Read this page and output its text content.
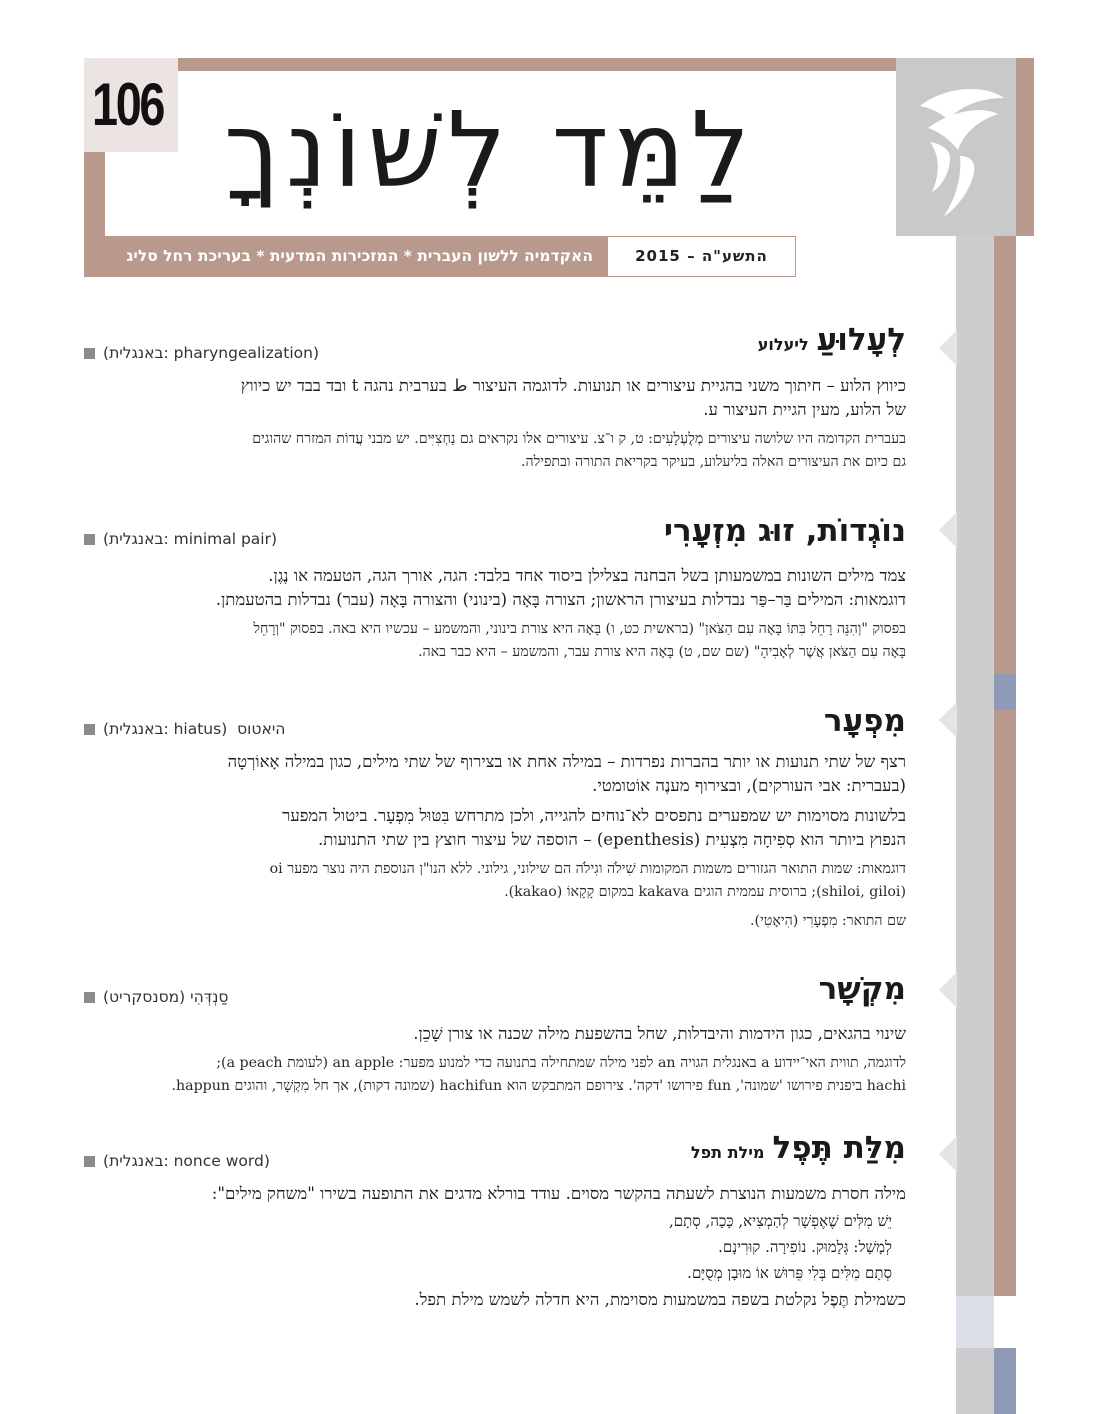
106 לַמֵּד לְשׁוֹנְךָ
האקדמיה ללשון העברית * המזכירות המדעית * בעריכת רחל סליג	התשע"ה – 2015
לְעָלוּעַליעלוע
(באנגלית: pharyngealization)

כיווץ הלוע – חיתוך משני בהגיית עיצורים או תנועות. לדוגמה העיצור ط בערבית נהגה t ובד בבד יש כיווץ
של הלוע, מעין הגיית העיצור ע.

בעברית הקדומה היו שלושה עיצורים מְלֻעְלָעִים: ט, ק ו־צ. עיצורים אלו נקראים גם נַחְצִיִּים. יש מבני עֲדוֹת המזרח שהוגים
גם כיום את העיצורים האלה בליעלוע, בעיקר בקריאת התורה ובתפילה.

נוֹגְדוֹת, זוּג מִזְעָרִי
(באנגלית: minimal pair)

צמד מילים השונות במשמעותן בשל הבחנה בצלילן ביסוד אחד בלבד: הגה, אורך הגה, הטעמה או נֶגֶן.
דוגמאות: המילים בַּר–פַּר נבדלות בעיצורן הראשון; הצורה בָּאָה (בינוני) והצורה בָּאָה (עבר) נבדלות בהטעמתן.

בפסוק "וְהִנֵּה רָחֵל בִּתּוֹ בָּאָה עִם הַצֹּאן" (בראשית כט, ו) בָּאָה היא צורת בינוני, והמשמע – עכשיו היא באה. בפסוק "וְרָחֵל
בָּאָה עִם הַצֹּאן אֲשֶׁר לְאָבִיהָ" (שם שם, ט) בָּאָה היא צורת עבר, והמשמע – היא כבר באה.

מִפְעָר
(באנגלית: hiatus) היאטוס

רצף של שתי תנועות או יותר בהברות נפרדות – במילה אחת או בצירוף של שתי מילים, כגון במילה אָאוֹרְטָה
(בעברית: אבי העורקים), ובצירוף מענֶה אוֹטומטי.

בלשונות מסוימות יש שמפערים נתפסים לא־נוחים להגייה, ולכן מתרחש בִּטּוּל מִפְעָר. ביטול המפער
הנפוץ ביותר הוא סְפִיחָה מִצְעִית (epenthesis) – הוספה של עיצור חוצץ בין שתי התנועות.

דוגמאות: שמות התואר הגזורים משמות המקומות שִׁילֹה וגִילֹה הם שילוני, גילוני. ללא הנו"ן הנוספת היה נוצר מפער oi
(shiloi, giloi); ברוסית עממית הוגים kakava במקום קָקָאוֹ (kakao).

שם התואר: מִפְעָרִי (הִיאָטִי).

מִקְשָׁר
סַנְדְּהִי (מסנסקריט)

שינוי בהגאים, כגון הידמות והיבדלות, שחל בהשפעת מילה שכנה או צורן שָׁכֵן.

לדוגמה, תווית האי־יידוע a באנגלית הגויה an לפני מילה שמתחילה בתנועה כדי למנוע מפער: an apple (לעומת a peach);
hachi ביפנית פירושו 'שמונה', fun פירושו 'דקה'. צירופם המתבקש הוא hachifun (שמונה דקות), אך חל מִקְשָׁר, והוגים happun.

מִלַּת תֶּפֶלמילת תפל
(באנגלית: nonce word)

מילה חסרת משמעות הנוצרת לשעתה בהקשר מסוים. עודד בורלא מדגים את התופעה בשירו "משחק מילים":

יֵשׁ מִלִּים שֶׁאֶפְשָׁר לְהַמְצִיא, כָּכָה, סְתָם,
לְמָשָׁל: גְּלָמוּק. נוֹפִירָה. קוּרִינָם.
סְתָם מִלִּים בְּלִי פֵּרוּשׁ אוֹ מוּבָן מְסֻיָּם.

כשמילת תֶּפֶל נקלטת בשפה במשמעות מסוימת, היא חדלה לשמש מילת תפל.
